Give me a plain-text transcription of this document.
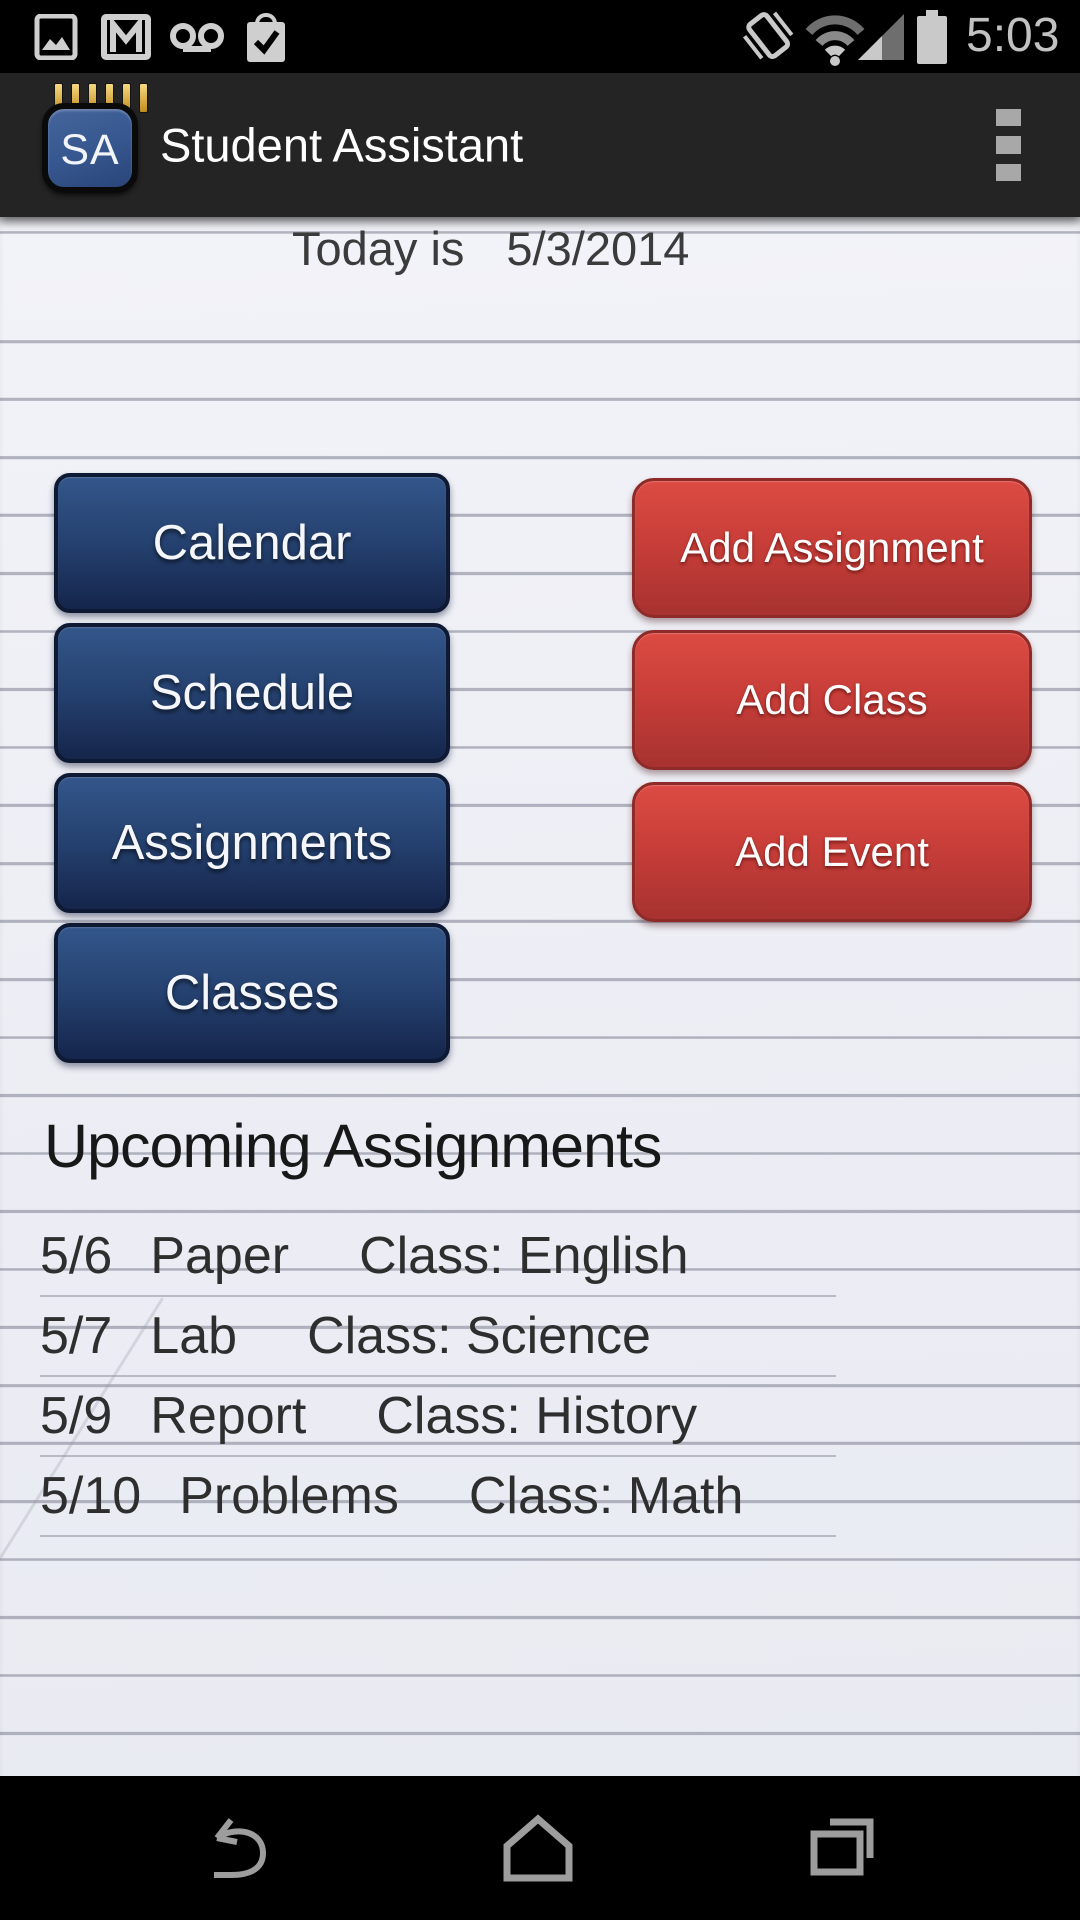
5:03
SA Student Assistant
Today is 5/3/2014
Calendar
Schedule
Assignments
Classes
Add Assignment
Add Class
Add Event
Upcoming Assignments
5/6 Paper Class: English
5/7 Lab Class: Science
5/9 Report Class: History
5/10 Problems Class: Math
